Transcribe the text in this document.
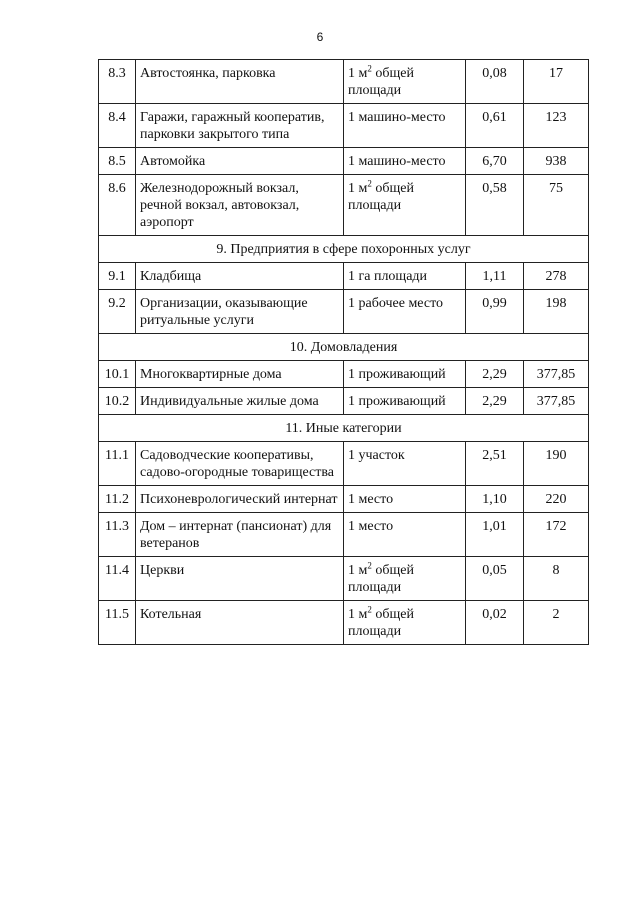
6
8.3	Автостоянка, парковка	1 $м^2$ общей площади	0,08	17
8.4	Гаражи, гаражный кооператив, парковки закрытого типа	1 машино-место	0,61	123
8.5	Автомойка	1 машино-место	6,70	938
8.6	Железнодорожный вокзал, речной вокзал, автовокзал, аэропорт	1 $м^2$ общей площади	0,58	75
9. Предприятия в сфере похоронных услуг				
9.1	Кладбища	1 га площади	1,11	278
9.2	Организации, оказывающие ритуальные услуги	1 рабочее место	0,99	198
10. Домовладения				
10.1	Многоквартирные дома	1 проживающий	2,29	377,85
10.2	Индивидуальные жилые дома	1 проживающий	2,29	377,85
11. Иные категории				
11.1	Садоводческие кооперативы, садово-огородные товарищества	1 участок	2,51	190
11.2	Психоневрологический интернат	1 место	1,10	220
11.3	Дом – интернат (пансионат) для ветеранов	1 место	1,01	172
11.4	Церкви	1 $м^2$ общей площади	0,05	8
11.5	Котельная	1 $м^2$ общей площади	0,02	2
